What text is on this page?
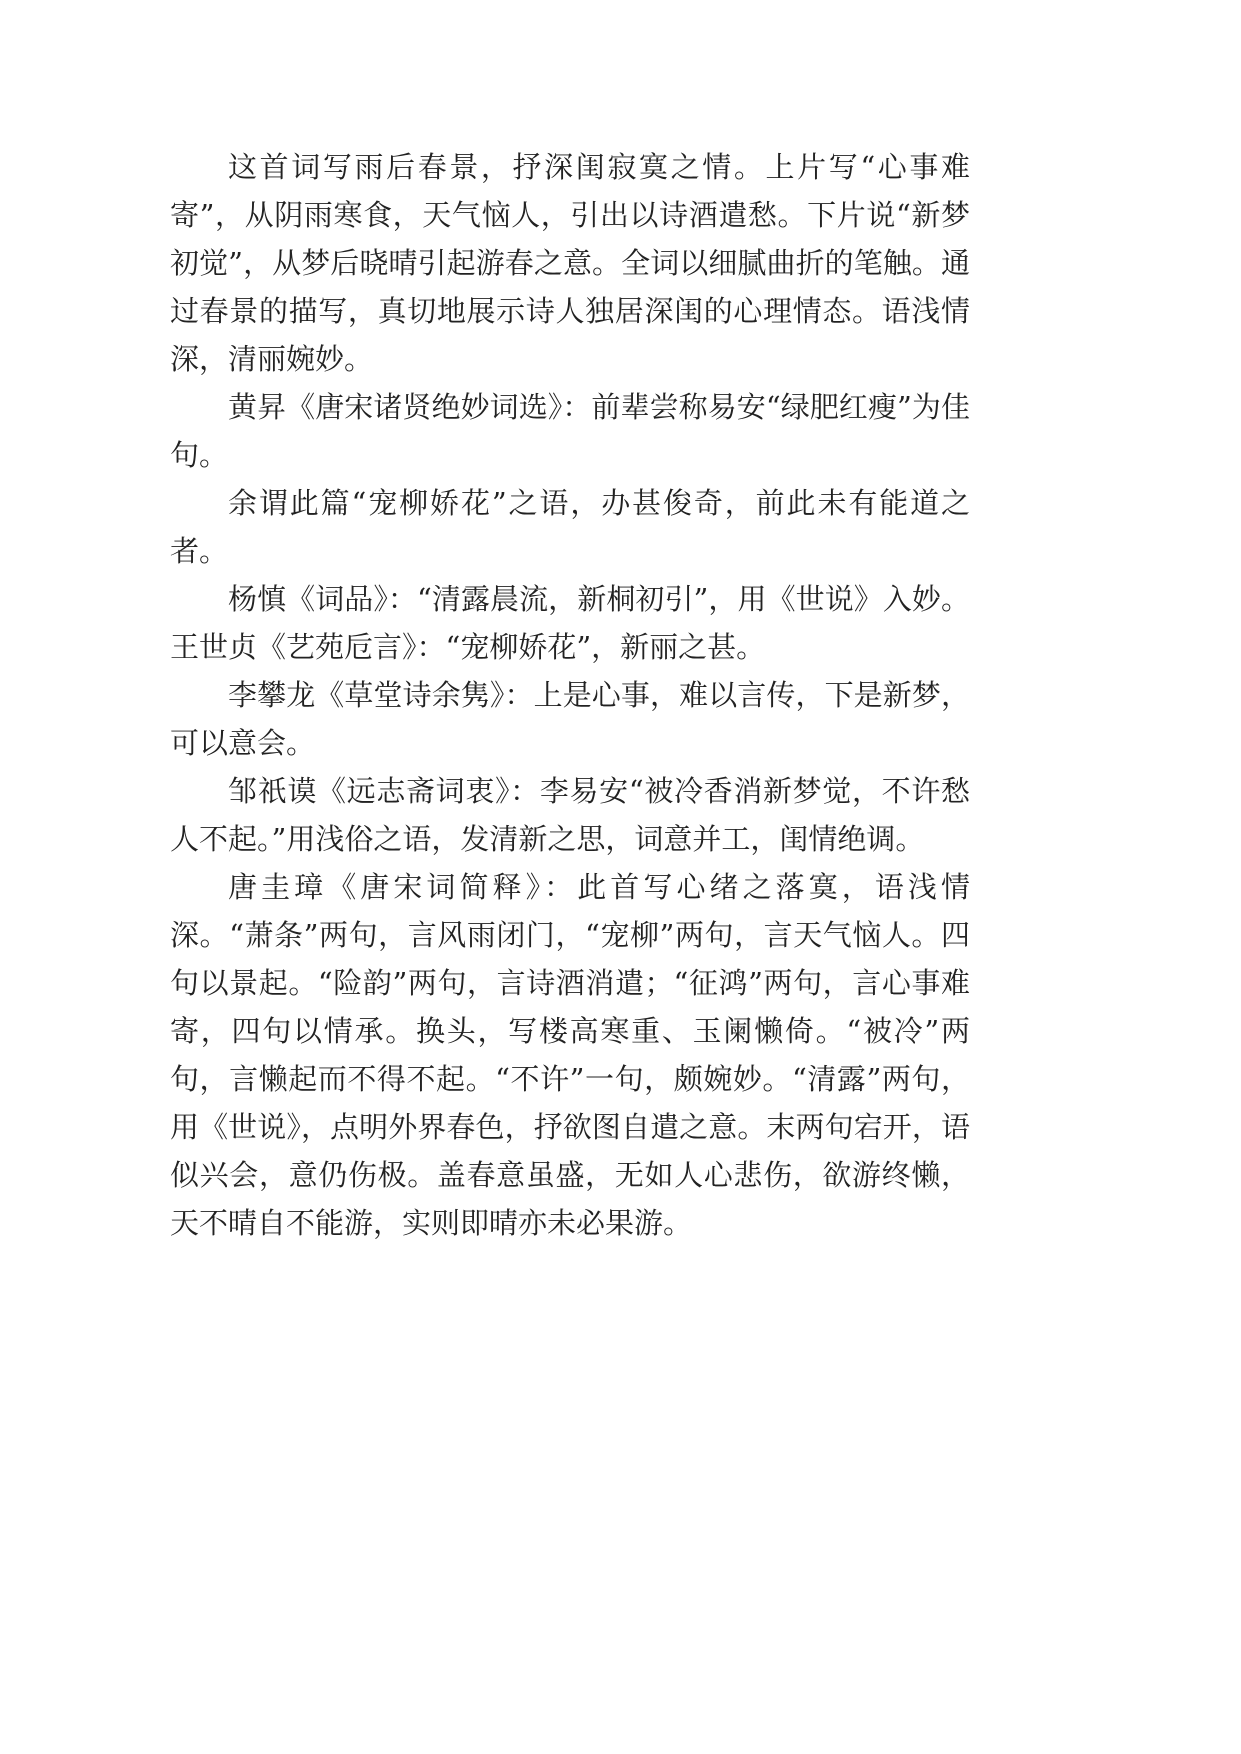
这首词写雨后春景，抒深闺寂寞之情。上片写“心事难寄”，从阴雨寒食，天气恼人，引出以诗酒遣愁。下片说“新梦初觉”，从梦后晓晴引起游春之意。全词以细腻曲折的笔触。通过春景的描写，真切地展示诗人独居深闺的心理情态。语浅情深，清丽婉妙。

黄昇《唐宋诸贤绝妙词选》：前辈尝称易安“绿肥红瘦”为佳句。

余谓此篇“宠柳娇花”之语，办甚俊奇，前此未有能道之者。

杨慎《词品》：“清露晨流，新桐初引”，用《世说》入妙。王世贞《艺苑卮言》：“宠柳娇花”，新丽之甚。

李攀龙《草堂诗余隽》：上是心事，难以言传，下是新梦，可以意会。

邹祇谟《远志斋词衷》：李易安“被冷香消新梦觉，不许愁人不起。”用浅俗之语，发清新之思，词意并工，闺情绝调。

唐圭璋《唐宋词简释》：此首写心绪之落寞，语浅情深。“萧条”两句，言风雨闭门，“宠柳”两句，言天气恼人。四句以景起。“险韵”两句，言诗酒消遣；“征鸿”两句，言心事难寄，四句以情承。换头，写楼高寒重、玉阑懒倚。“被冷”两句，言懒起而不得不起。“不许”一句，颇婉妙。“清露”两句，用《世说》，点明外界春色，抒欲图自遣之意。末两句宕开，语似兴会，意仍伤极。盖春意虽盛，无如人心悲伤，欲游终懒，天不晴自不能游，实则即晴亦未必果游。
